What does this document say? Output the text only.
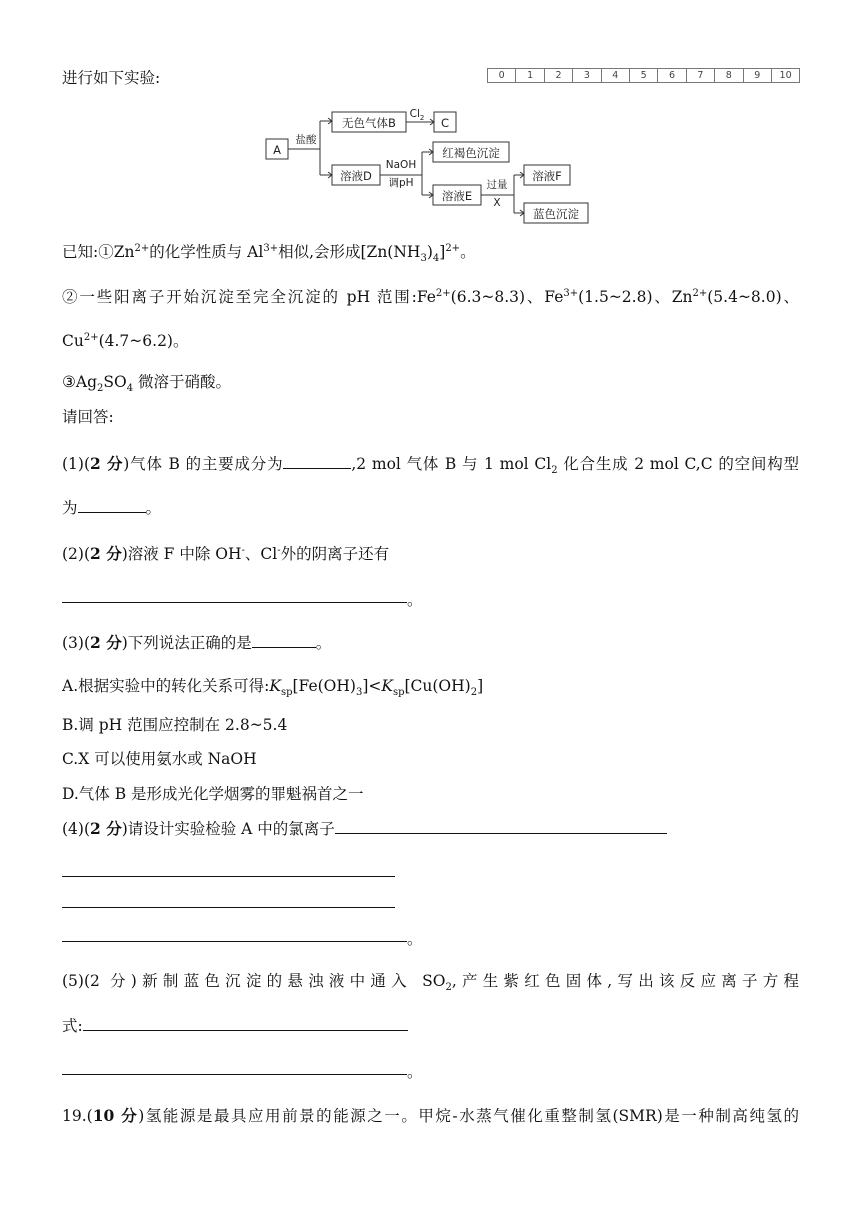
进行如下实验:	0	1	2	3	4	5	6	7	8	9	10
A
盐酸
无色气体B
$Cl_2$ C
溶液D
NaOH
调pH
红褐色沉淀
溶液E
过量
X
溶液F
蓝色沉淀
已知$:①Zn^{2+}$的化学性质与 $Al^{3+}$相似,会形成$[Zn(NH_3)_4]^{2+}$。
②一些阳离子开始沉淀至完全沉淀的 pH 范围$:Fe^{2+}(6.3\sim 8.3)$、$Fe^{3+}(1.5\sim 2.8)$、$Zn^{2+}(5.4\sim 8.0)$、
$Cu^{2+}(4.7\sim 6.2)$。
$③Ag_2SO_4$ 微溶于硝酸。
请回答:
(1)(2 分)气体 B 的主要成分为	,2 mol 气体 B 与 1 mol $Cl_2$ 化合生成 2 mol C,C 的空间构型
为	。
(2)(2 分)溶液 F 中除 OH-、Cl-外的阴离子还有
。
(3)(2 分)下列说法正确的是	。
A.根据实验中的转化关系可得$:K_{sp}[Fe(OH)_3]<K_{sp}[Cu(OH)_2]$
B.调 pH 范围应控制在 2.8~5.4
C.X 可以使用氨水或 NaOH
D.气体 B 是形成光化学烟雾的罪魁祸首之一
(4)(2 分)请设计实验检验 A 中的氯离子
。
(5)(2 分)新制蓝色沉淀的悬浊液中通入 $SO_2$,产生紫红色固体,写出该反应离子方程
式:
。
19.(10 分)氢能源是最具应用前景的能源之一。甲烷-水蒸气催化重整制氢(SMR)是一种制高纯氢的
